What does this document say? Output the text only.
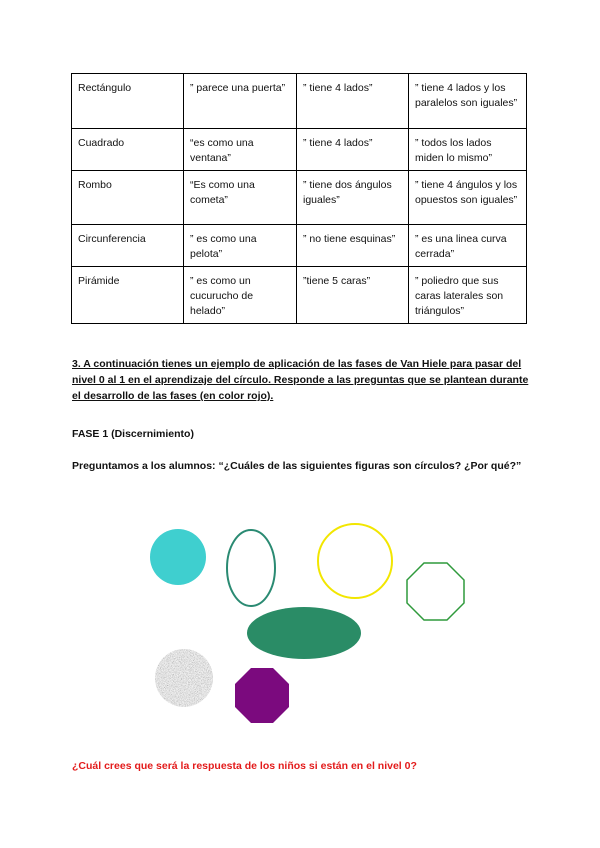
Rectángulo	” parece una puerta”	” tiene 4 lados”	” tiene 4 lados y los paralelos son iguales”
Cuadrado	“es como una ventana”	” tiene 4 lados”	” todos los lados miden lo mismo”
Rombo	“Es como una cometa”	” tiene dos ángulos iguales”	” tiene 4 ángulos y los opuestos son iguales”
Circunferencia	” es como una pelota”	” no tiene esquinas”	” es una linea curva cerrada”
Pirámide	” es como un cucurucho de helado”	”tiene 5 caras”	” poliedro que sus caras laterales son triángulos”
3. A continuación tienes un ejemplo de aplicación de las fases de Van Hiele para pasar del nivel 0 al 1 en el aprendizaje del círculo. Responde a las preguntas que se plantean durante el desarrollo de las fases (en color rojo).
FASE 1 (Discernimiento)
Preguntamos a los alumnos: “¿Cuáles de las siguientes figuras son círculos? ¿Por qué?”
¿Cuál crees que será la respuesta de los niños si están en el nivel 0?
